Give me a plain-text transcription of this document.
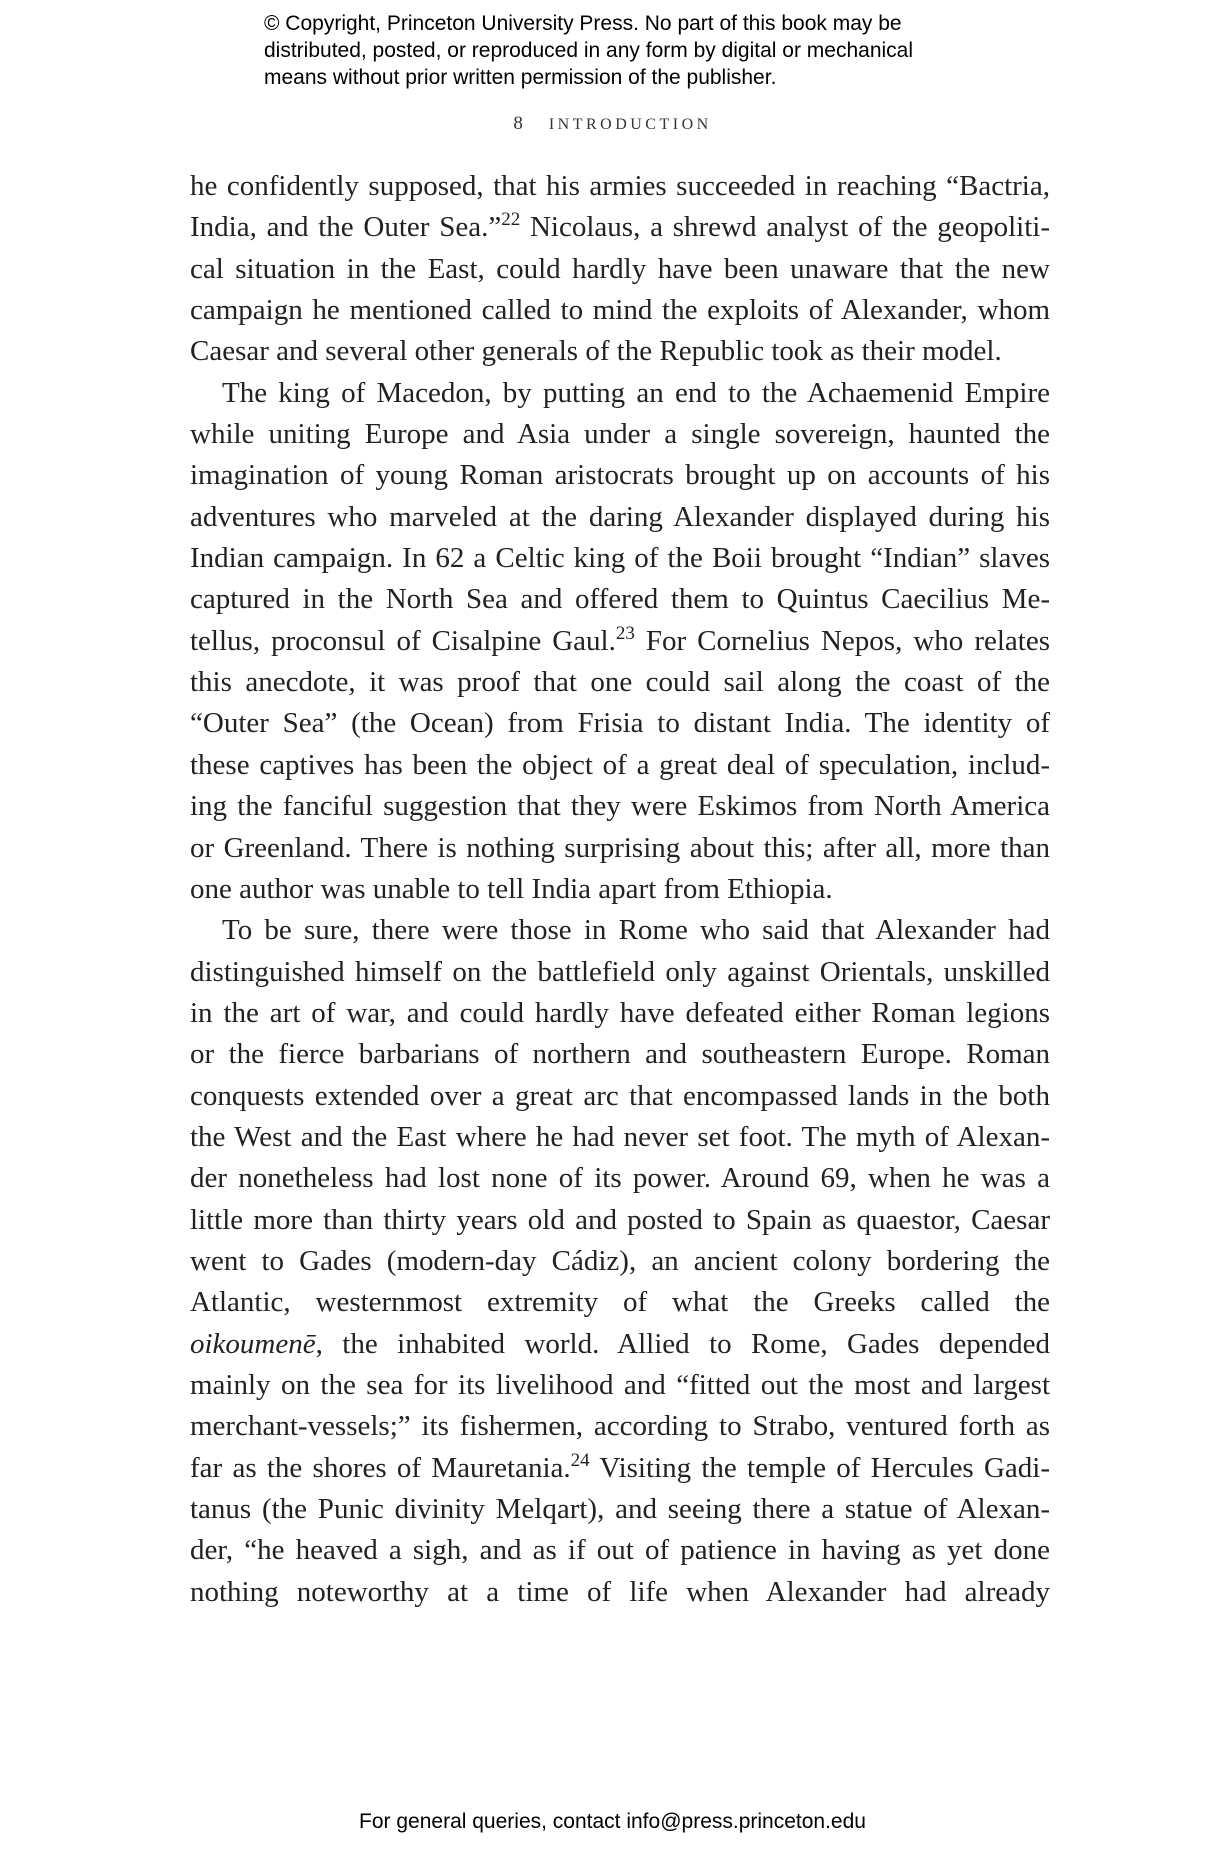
© Copyright, Princeton University Press. No part of this book may be
distributed, posted, or reproduced in any form by digital or mechanical
means without prior written permission of the publisher.
8 INTRODUCTION
he confidently supposed, that his armies succeeded in reaching “Bactria,
India, and the Outer Sea.”$^{22}$ Nicolaus, a shrewd analyst of the geopoliti-
cal situation in the East, could hardly have been unaware that the new
campaign he mentioned called to mind the exploits of Alexander, whom
Caesar and several other generals of the Republic took as their model.
The king of Macedon, by putting an end to the Achaemenid Empire
while uniting Europe and Asia under a single sovereign, haunted the
imagination of young Roman aristocrats brought up on accounts of his
adventures who marveled at the daring Alexander displayed during his
Indian campaign. In 62 a Celtic king of the Boii brought “Indian” slaves
captured in the North Sea and offered them to Quintus Caecilius Me-
tellus, proconsul of Cisalpine Gaul.$^{23}$ For Cornelius Nepos, who relates
this anecdote, it was proof that one could sail along the coast of the
“Outer Sea” (the Ocean) from Frisia to distant India. The identity of
these captives has been the object of a great deal of speculation, includ-
ing the fanciful suggestion that they were Eskimos from North America
or Greenland. There is nothing surprising about this; after all, more than
one author was unable to tell India apart from Ethiopia.
To be sure, there were those in Rome who said that Alexander had
distinguished himself on the battlefield only against Orientals, unskilled
in the art of war, and could hardly have defeated either Roman legions
or the fierce barbarians of northern and southeastern Europe. Roman
conquests extended over a great arc that encompassed lands in the both
the West and the East where he had never set foot. The myth of Alexan-
der nonetheless had lost none of its power. Around 69, when he was a
little more than thirty years old and posted to Spain as quaestor, Caesar
went to Gades (modern-day Cádiz), an ancient colony bordering the
Atlantic, westernmost extremity of what the Greeks called the
oikoumenē, the inhabited world. Allied to Rome, Gades depended
mainly on the sea for its livelihood and “fitted out the most and largest
merchant-vessels;” its fishermen, according to Strabo, ventured forth as
far as the shores of Mauretania.$^{24}$ Visiting the temple of Hercules Gadi-
tanus (the Punic divinity Melqart), and seeing there a statue of Alexan-
der, “he heaved a sigh, and as if out of patience in having as yet done
nothing noteworthy at a time of life when Alexander had already
For general queries, contact info@press.princeton.edu
